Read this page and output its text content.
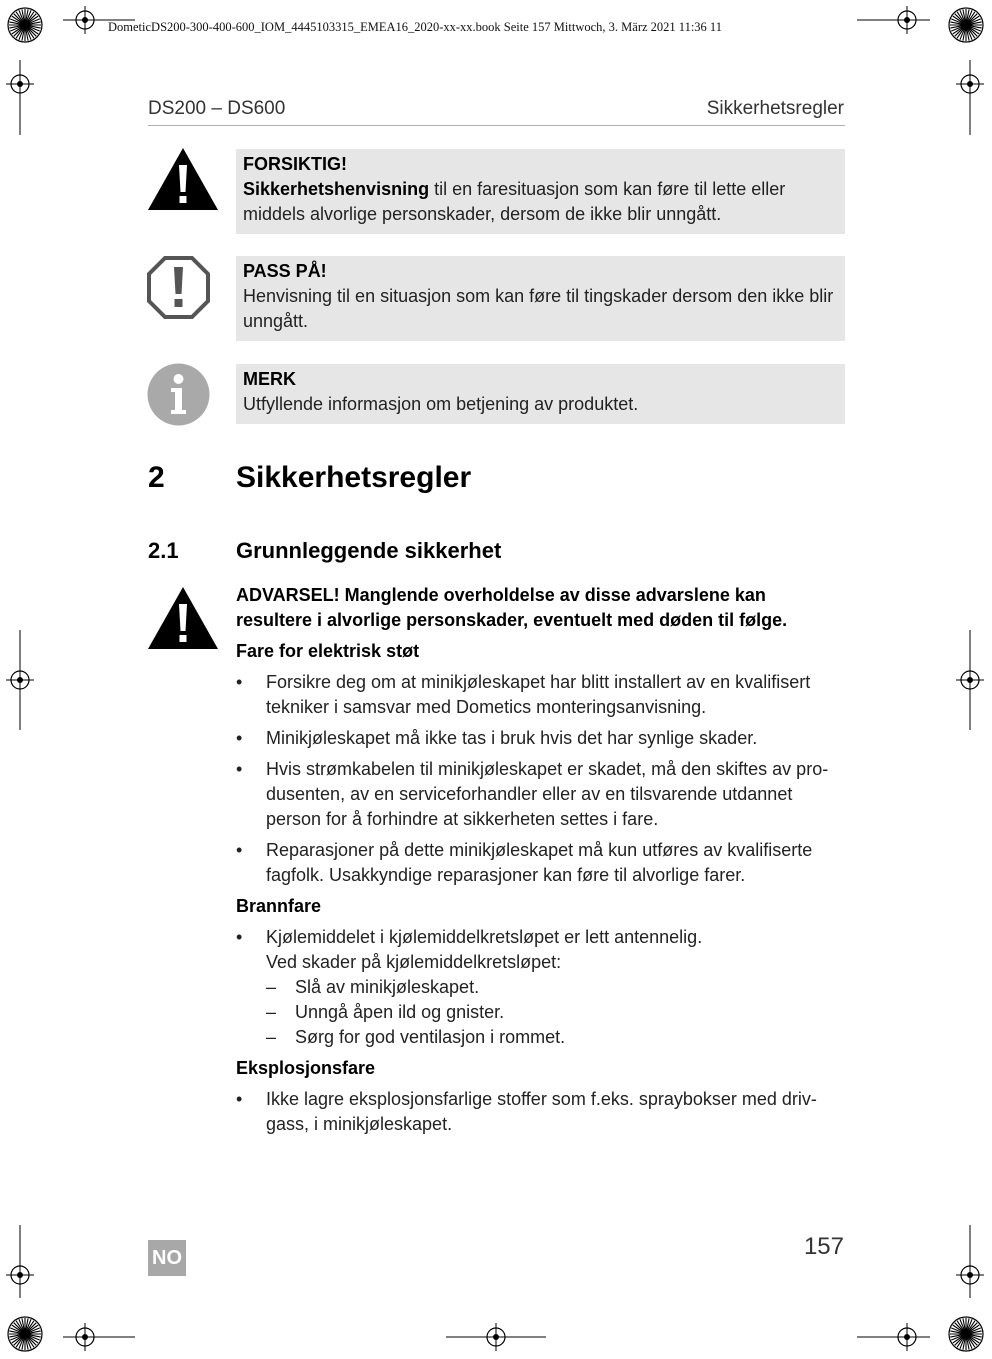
DometicDS200-300-400-600_IOM_4445103315_EMEA16_2020-xx-xx.book Seite 157 Mittwoch, 3. März 2021 11:36 11
DS200 – DS600	Sikkerhetsregler
FORSIKTIG!
Sikkerhetshenvisning til en faresituasjon som kan føre til lette eller middels alvorlige personskader, dersom de ikke blir unngått.
PASS PÅ!
Henvisning til en situasjon som kan føre til tingskader dersom den ikke blir unngått.
MERK
Utfyllende informasjon om betjening av produktet.
2 Sikkerhetsregler
2.1	Grunnleggende sikkerhet

ADVARSEL! Manglende overholdelse av disse advarslene kan resultere i alvorlige personskader, eventuelt med døden til følge.

Fare for elektrisk støt

• Forsikre deg om at minikjøleskapet har blitt installert av en kvalifisert tekniker i samsvar med Dometics monteringsanvisning.
• Minikjøleskapet må ikke tas i bruk hvis det har synlige skader.
• Hvis strømkabelen til minikjøleskapet er skadet, må den skiftes av pro-dusenten, av en serviceforhandler eller av en tilsvarende utdannet person for å forhindre at sikkerheten settes i fare.
• Reparasjoner på dette minikjøleskapet må kun utføres av kvalifiserte fagfolk. Usakkyndige reparasjoner kan føre til alvorlige farer.

Brannfare

• Kjølemiddelet i kjølemiddelkretsløpet er lett antennelig.
Ved skader på kjølemiddelkretsløpet:
– Slå av minikjøleskapet.
– Unngå åpen ild og gnister.
– Sørg for god ventilasjon i rommet.

Eksplosjonsfare

• Ikke lagre eksplosjonsfarlige stoffer som f.eks. spraybokser med driv-gass, i minikjøleskapet.
157
NO
